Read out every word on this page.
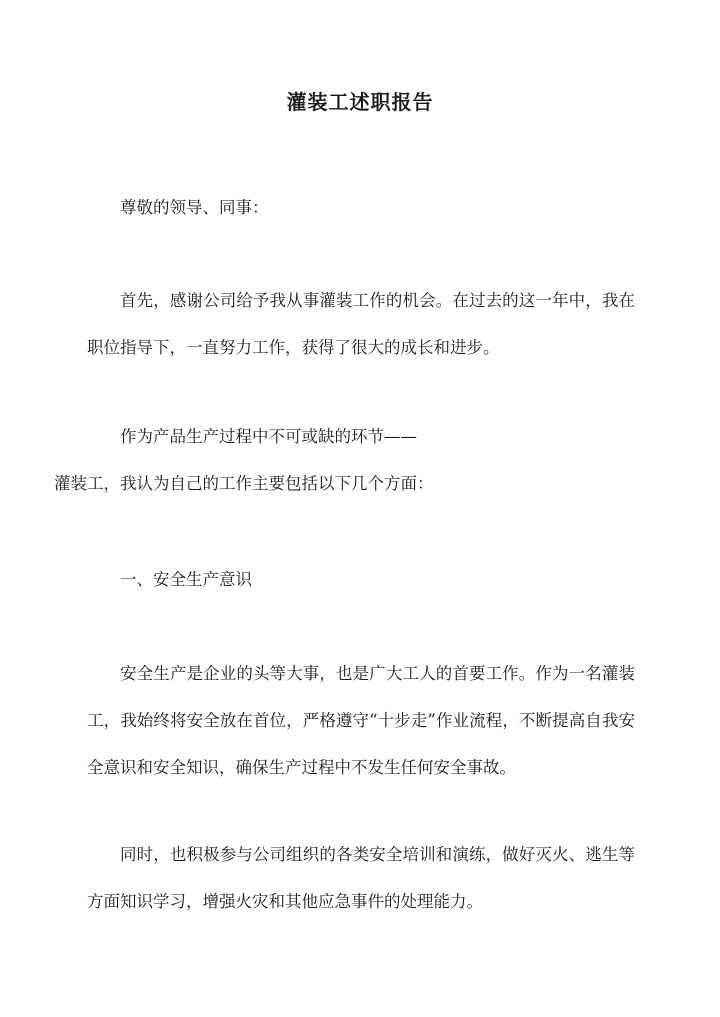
灌装工述职报告

尊敬的领导、同事：

首先，感谢公司给予我从事灌装工作的机会。在过去的这一年中，我在职位指导下，一直努力工作，获得了很大的成长和进步。

作为产品生产过程中不可或缺的环节——
灌装工，我认为自己的工作主要包括以下几个方面：

一、安全生产意识

安全生产是企业的头等大事，也是广大工人的首要工作。作为一名灌装工，我始终将安全放在首位，严格遵守“十步走”作业流程，不断提高自我安全意识和安全知识，确保生产过程中不发生任何安全事故。

同时，也积极参与公司组织的各类安全培训和演练，做好灭火、逃生等方面知识学习，增强火灾和其他应急事件的处理能力。
